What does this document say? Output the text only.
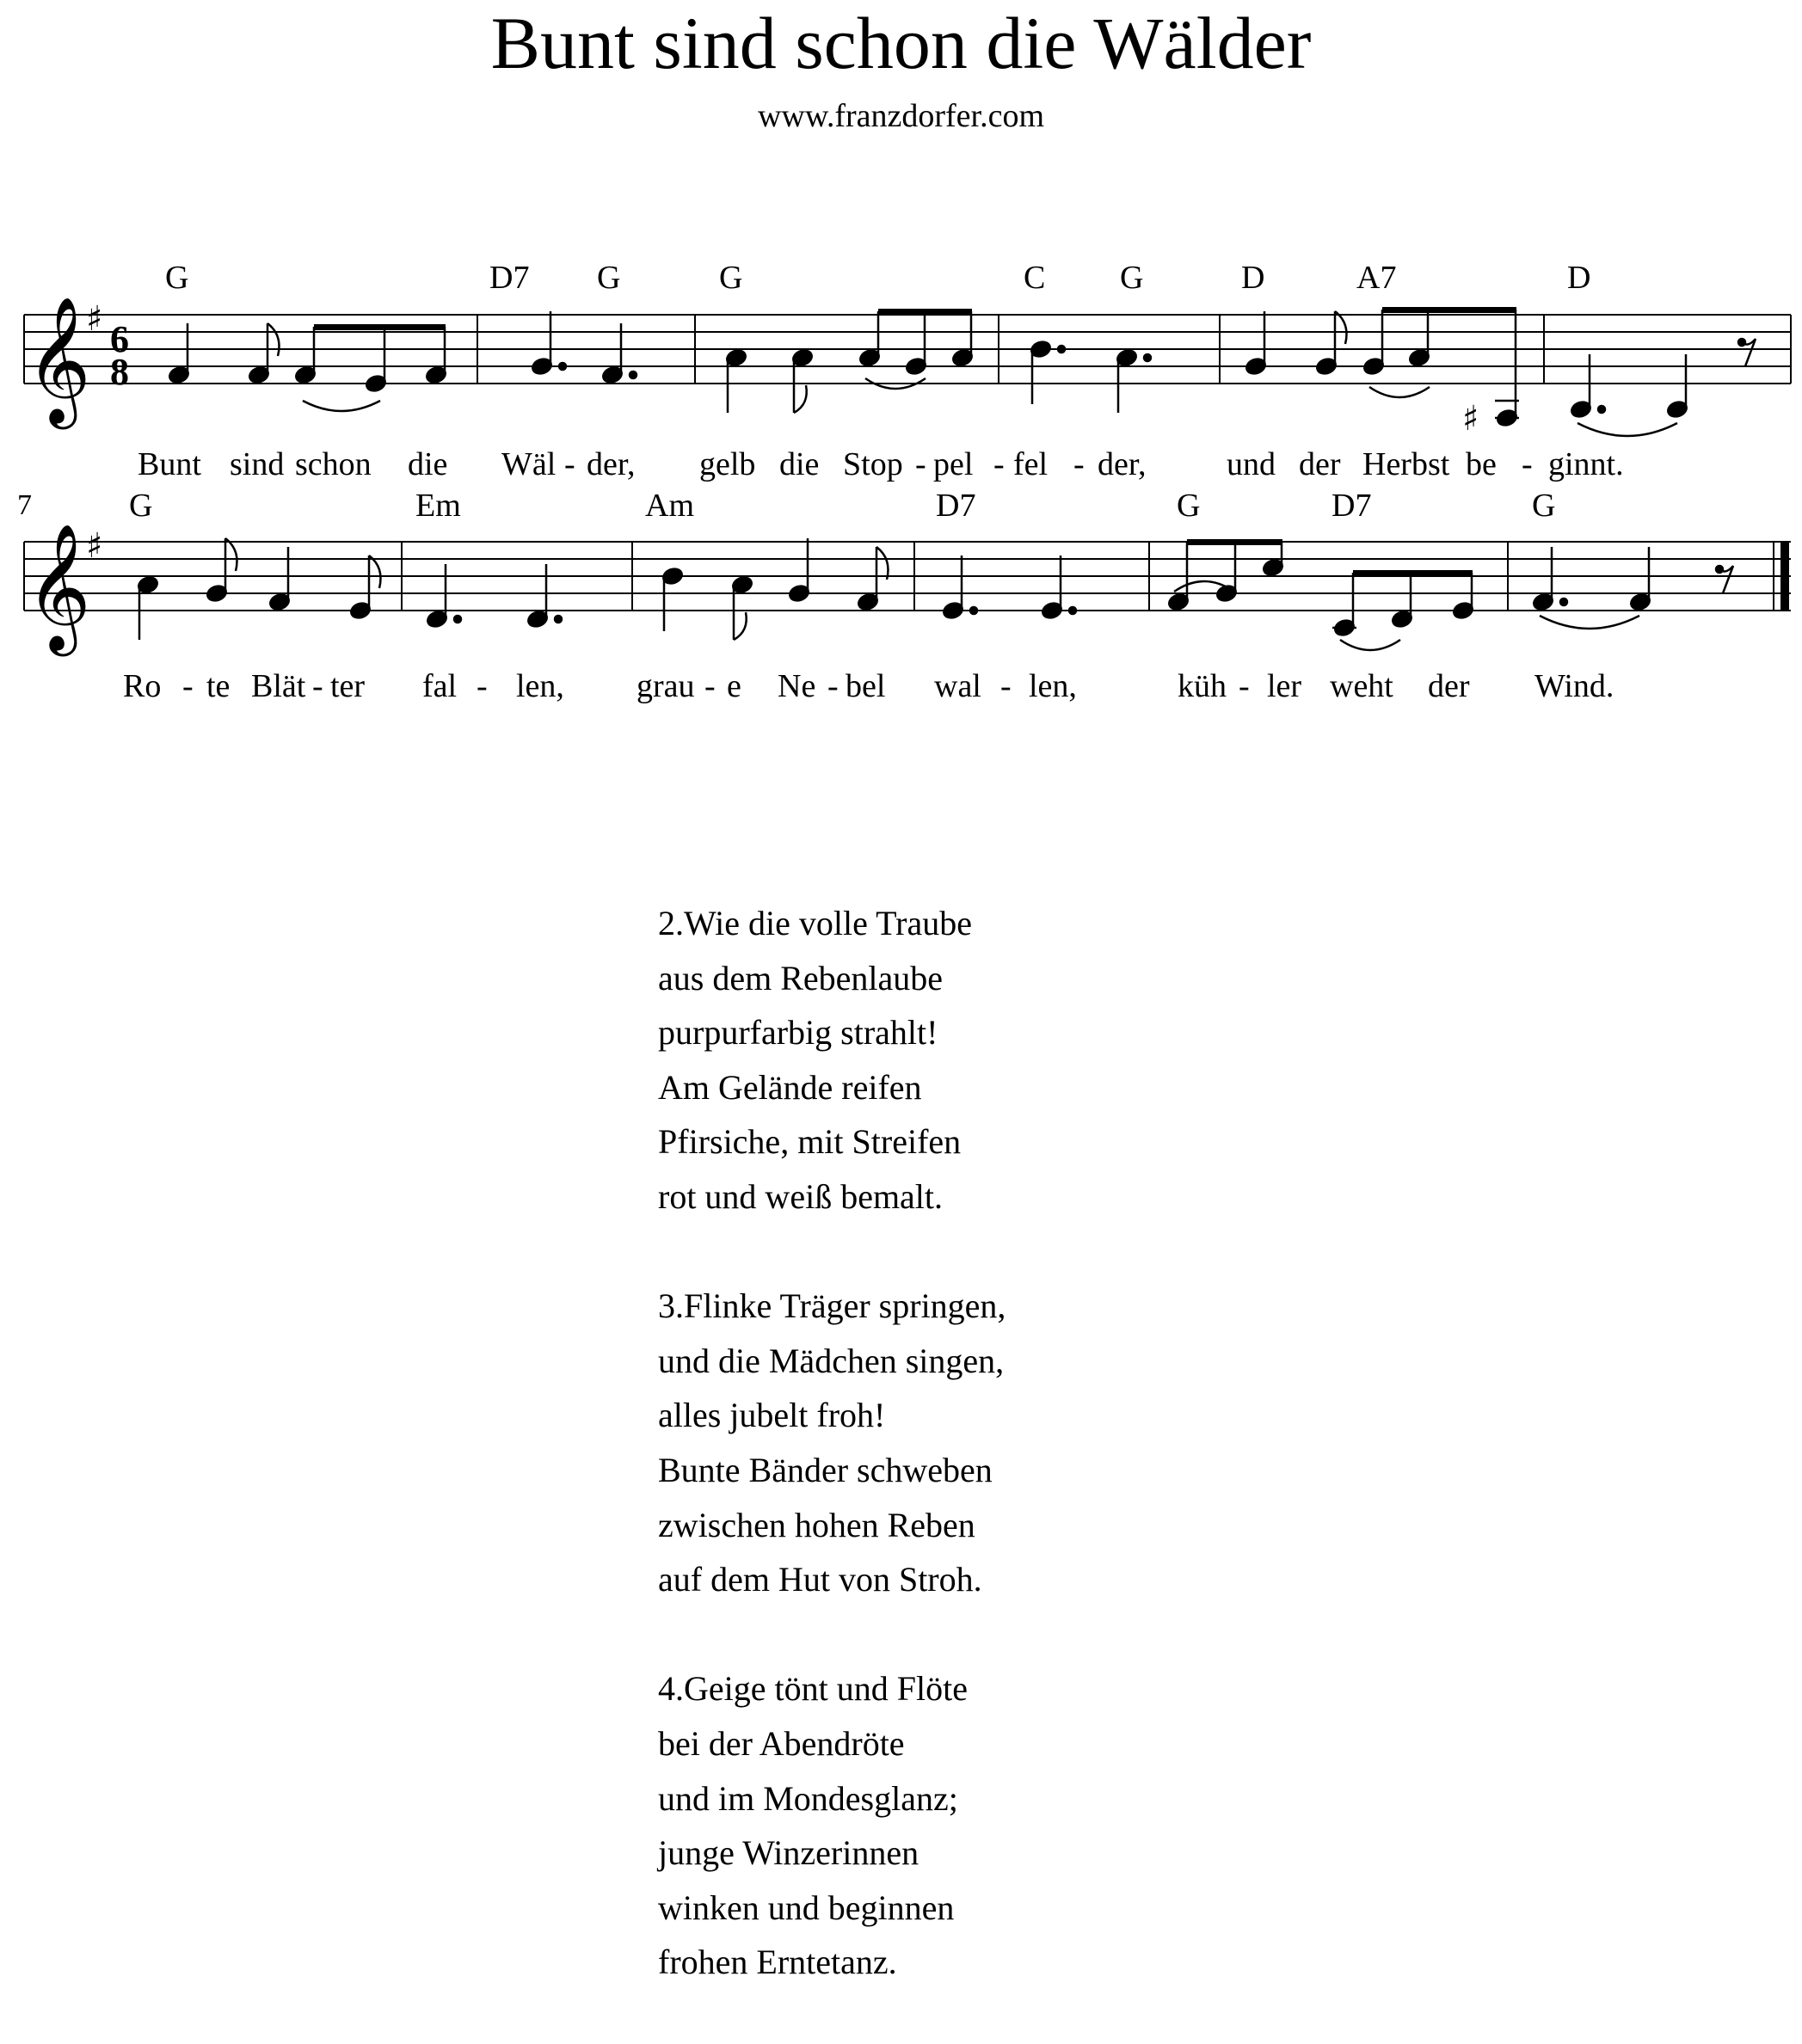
Bunt sind schon die Wälder
www.franzdorfer.com
𝄞
♯ 6
8
G	D7 G	G	C G	D	A7	D
♯
Bunt sind schon die Wäl - der, gelb die Stop - pel - fel - der, und der Herbst be - ginnt.
7
𝄞
♯
G	Em	Am	D7	G	D7	G
Ro - te Blät - ter fal - len, grau - e Ne - bel wal - len,	küh - ler weht der Wind.
2.Wie die volle Traube
aus dem Rebenlaube
purpurfarbig strahlt!
Am Gelände reifen
Pfirsiche, mit Streifen
rot und weiß bemalt.
3.Flinke Träger springen,
und die Mädchen singen,
alles jubelt froh!
Bunte Bänder schweben
zwischen hohen Reben
auf dem Hut von Stroh.
4.Geige tönt und Flöte
bei der Abendröte
und im Mondesglanz;
junge Winzerinnen
winken und beginnen
frohen Erntetanz.
